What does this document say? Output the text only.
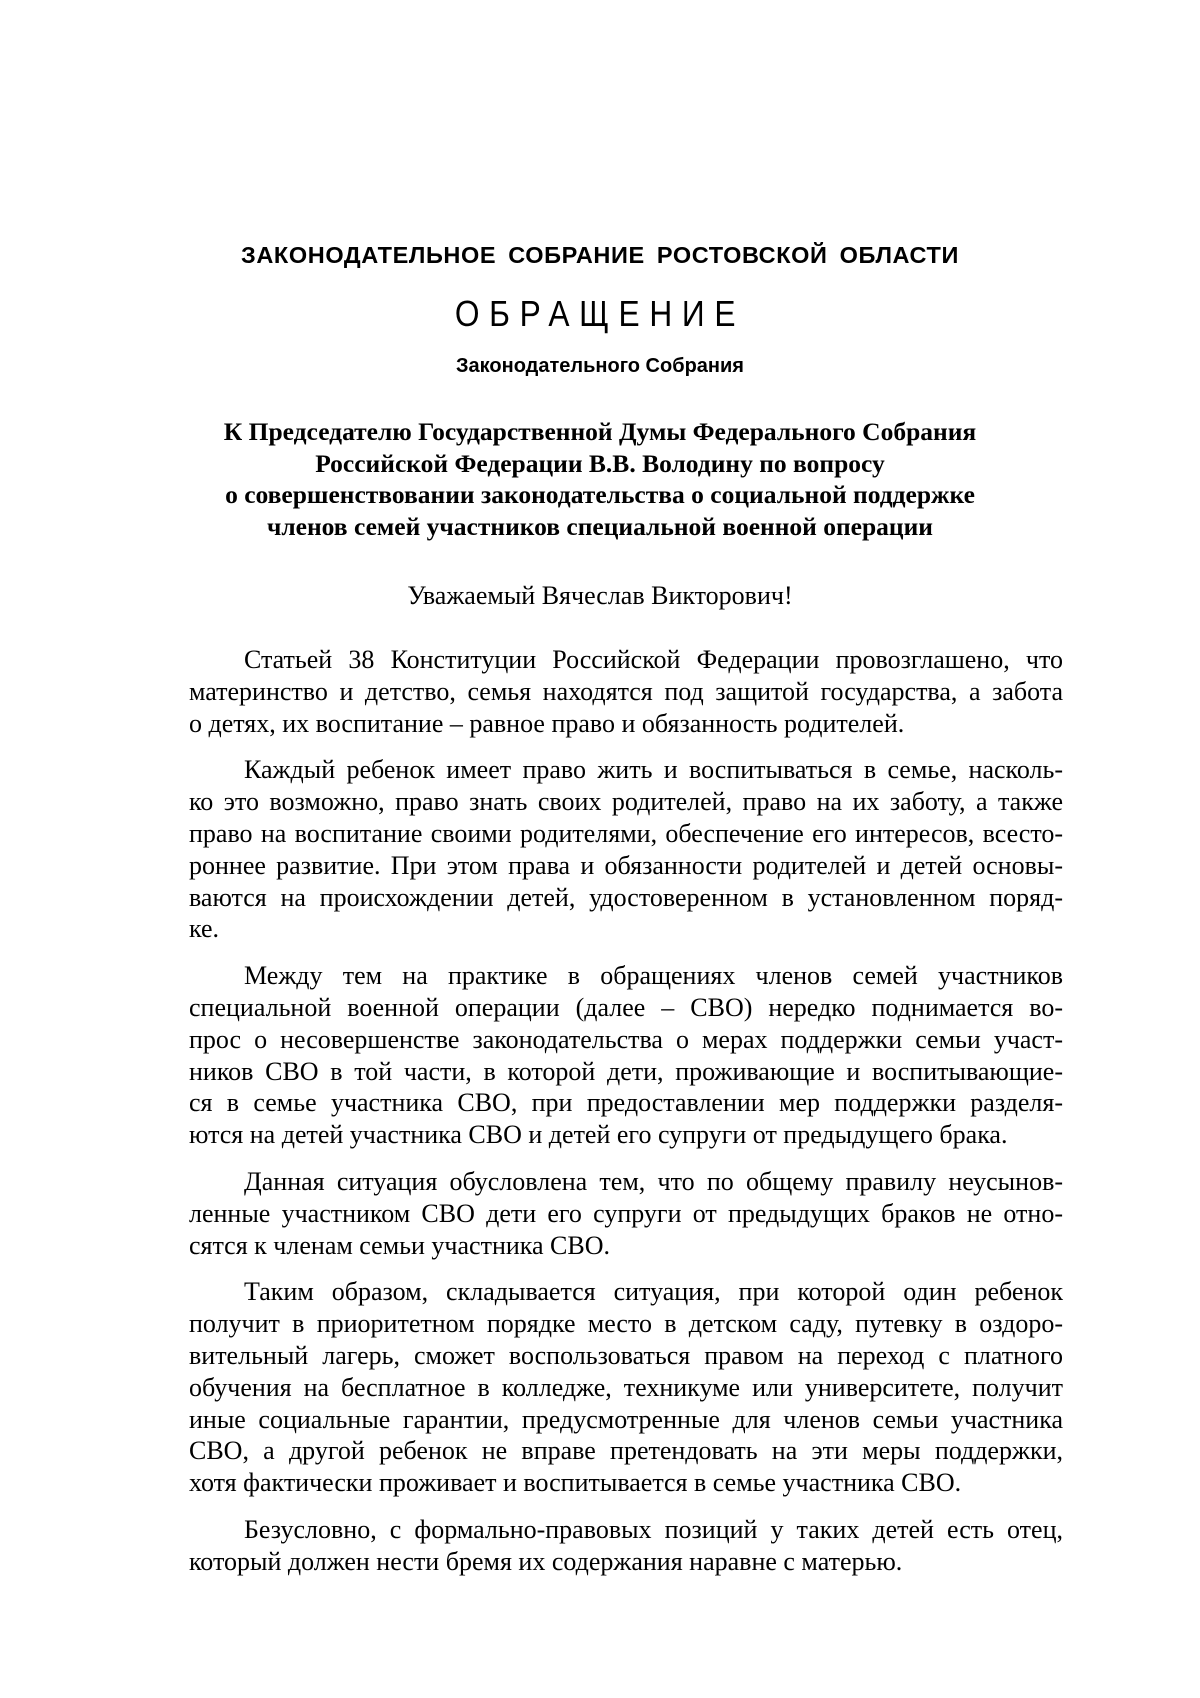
ЗАКОНОДАТЕЛЬНОЕ СОБРАНИЕ РОСТОВСКОЙ ОБЛАСТИ
ОБРАЩЕНИЕ
Законодательного Собрания
К Председателю Государственной Думы Федерального Собрания
Российской Федерации В.В. Володину по вопросу
о совершенствовании законодательства о социальной поддержке
членов семей участников специальной военной операции
Уважаемый Вячеслав Викторович!
Статьей 38 Конституции Российской Федерации провозглашено, что
материнство и детство, семья находятся под защитой государства, а забота
о детях, их воспитание – равное право и обязанность родителей.
Каждый ребенок имеет право жить и воспитываться в семье, насколь-
ко это возможно, право знать своих родителей, право на их заботу, а также
право на воспитание своими родителями, обеспечение его интересов, всесто-
роннее развитие. При этом права и обязанности родителей и детей основы-
ваются на происхождении детей, удостоверенном в установленном поряд-
ке.
Между тем на практике в обращениях членов семей участников
специальной военной операции (далее – СВО) нередко поднимается во-
прос о несовершенстве законодательства о мерах поддержки семьи участ-
ников СВО в той части, в которой дети, проживающие и воспитывающие-
ся в семье участника СВО, при предоставлении мер поддержки разделя-
ются на детей участника СВО и детей его супруги от предыдущего брака.
Данная ситуация обусловлена тем, что по общему правилу неусынов-
ленные участником СВО дети его супруги от предыдущих браков не отно-
сятся к членам семьи участника СВО.
Таким образом, складывается ситуация, при которой один ребенок
получит в приоритетном порядке место в детском саду, путевку в оздоро-
вительный лагерь, сможет воспользоваться правом на переход с платного
обучения на бесплатное в колледже, техникуме или университете, получит
иные социальные гарантии, предусмотренные для членов семьи участника
СВО, а другой ребенок не вправе претендовать на эти меры поддержки,
хотя фактически проживает и воспитывается в семье участника СВО.
Безусловно, с формально-правовых позиций у таких детей есть отец,
который должен нести бремя их содержания наравне с матерью.
